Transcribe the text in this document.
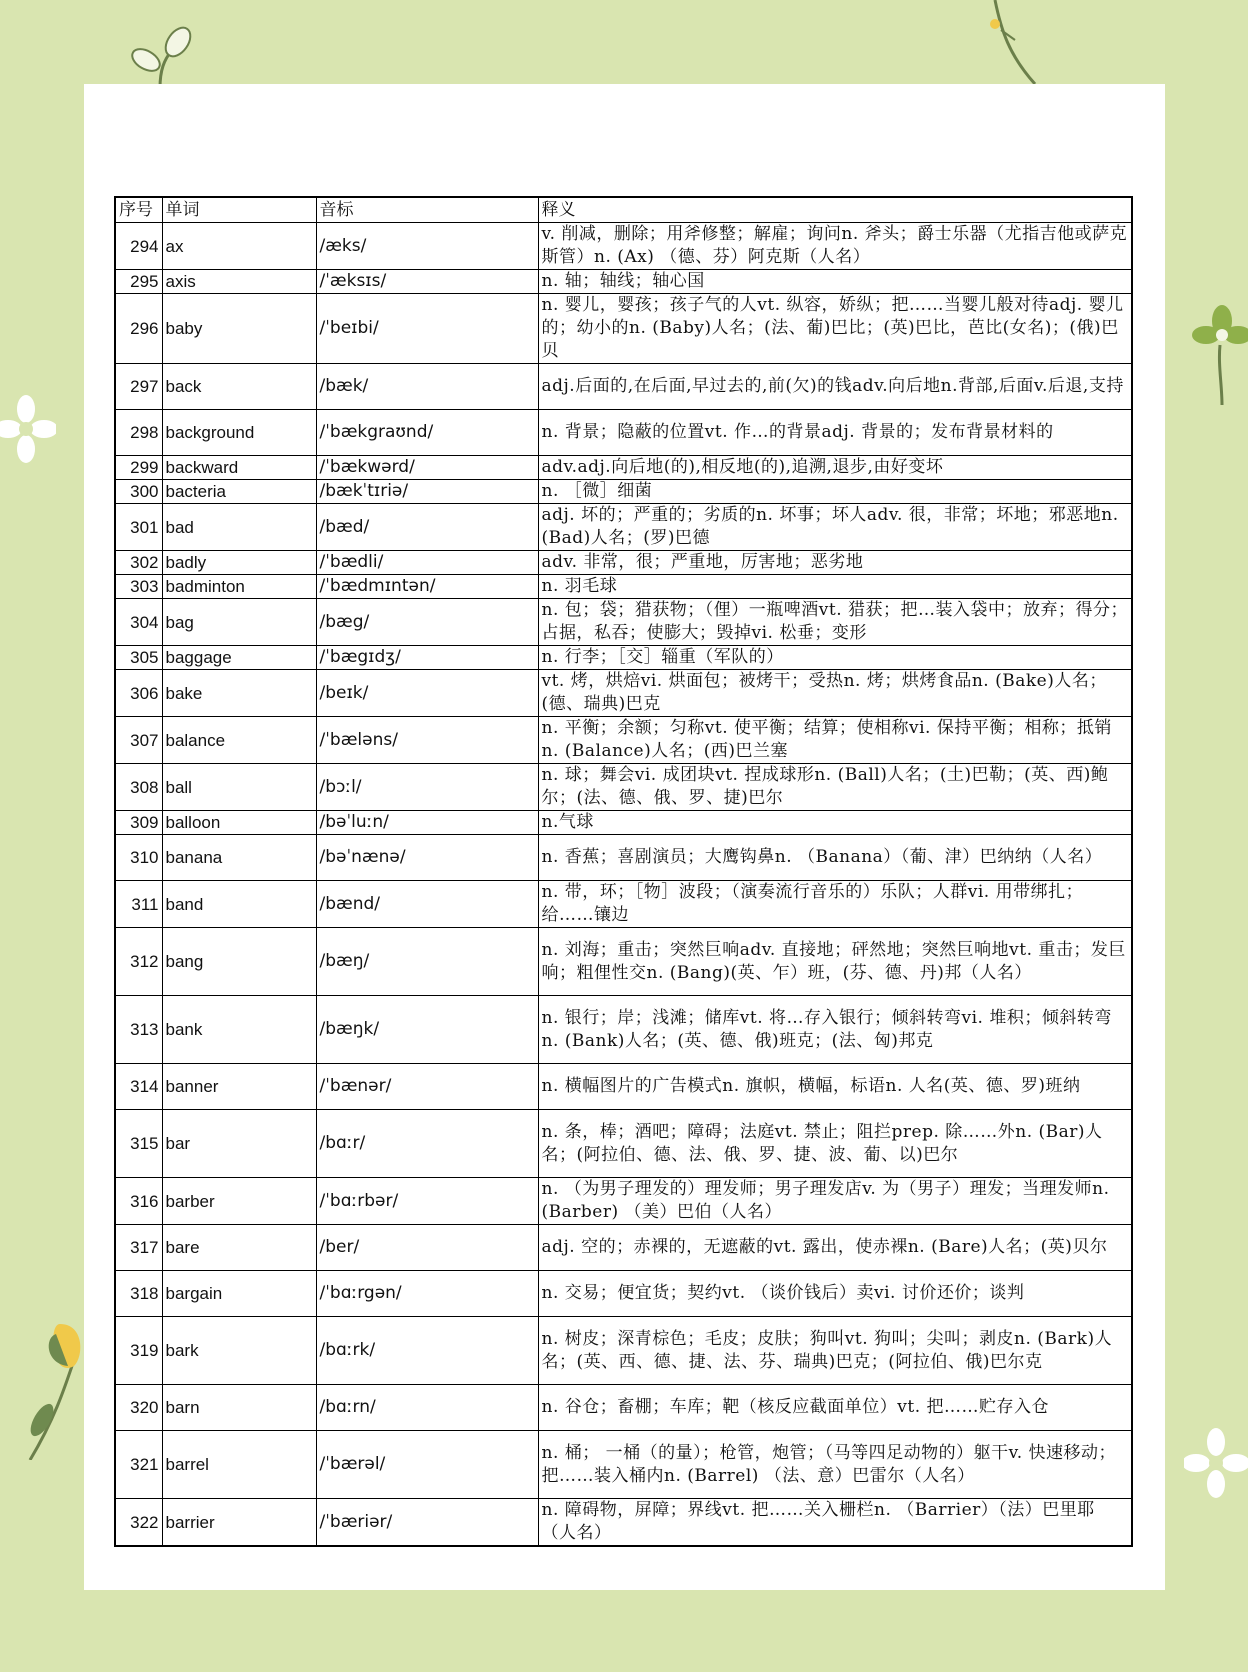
序号	单词	音标	释义
294	ax	/æks/	v. 削减，删除；用斧修整；解雇；询问n. 斧头；爵士乐器（尤指吉他或萨克斯管）n. (Ax) （德、芬）阿克斯（人名）
295	axis	/ˈæksɪs/	n. 轴；轴线；轴心国
296	baby	/ˈbeɪbi/	n. 婴儿，婴孩；孩子气的人vt. 纵容，娇纵；把……当婴儿般对待adj. 婴儿的；幼小的n. (Baby)人名；(法、葡)巴比；(英)巴比，芭比(女名)；(俄)巴贝
297	back	/bæk/	adj.后面的,在后面,早过去的,前(欠)的钱adv.向后地n.背部,后面v.后退,支持
298	background	/ˈbækgraʊnd/	n. 背景；隐蔽的位置vt. 作…的背景adj. 背景的；发布背景材料的
299	backward	/ˈbækwərd/	adv.adj.向后地(的),相反地(的),追溯,退步,由好变坏
300	bacteria	/bækˈtɪriə/	n. ［微］细菌
301	bad	/bæd/	adj. 坏的；严重的；劣质的n. 坏事；坏人adv. 很，非常；坏地；邪恶地n. (Bad)人名；(罗)巴德
302	badly	/ˈbædli/	adv. 非常，很；严重地，厉害地；恶劣地
303	badminton	/ˈbædmɪntən/	n. 羽毛球
304	bag	/bæg/	n. 包；袋；猎获物；（俚）一瓶啤酒vt. 猎获；把…装入袋中；放弃；得分；占据，私吞；使膨大；毁掉vi. 松垂；变形
305	baggage	/ˈbægɪdʒ/	n. 行李；［交］辎重（军队的）
306	bake	/beɪk/	vt. 烤，烘焙vi. 烘面包；被烤干；受热n. 烤；烘烤食品n. (Bake)人名；(德、瑞典)巴克
307	balance	/ˈbæləns/	n. 平衡；余额；匀称vt. 使平衡；结算；使相称vi. 保持平衡；相称；抵销n. (Balance)人名；(西)巴兰塞
308	ball	/bɔːl/	n. 球；舞会vi. 成团块vt. 捏成球形n. (Ball)人名；(土)巴勒；(英、西)鲍尔；(法、德、俄、罗、捷)巴尔
309	balloon	/bəˈluːn/	n.气球
310	banana	/bəˈnænə/	n. 香蕉；喜剧演员；大鹰钩鼻n. （Banana）（葡、津）巴纳纳（人名）
311	band	/bænd/	n. 带，环；［物］波段；（演奏流行音乐的）乐队；人群vi. 用带绑扎；给……镶边
312	bang	/bæŋ/	n. 刘海；重击；突然巨响adv. 直接地；砰然地；突然巨响地vt. 重击；发巨响；粗俚性交n. (Bang)(英、乍）班，(芬、德、丹)邦（人名）
313	bank	/bæŋk/	n. 银行；岸；浅滩；储库vt. 将…存入银行；倾斜转弯vi. 堆积；倾斜转弯n. (Bank)人名；(英、德、俄)班克；(法、匈)邦克
314	banner	/ˈbænər/	n. 横幅图片的广告模式n. 旗帜，横幅，标语n. 人名(英、德、罗)班纳
315	bar	/bɑːr/	n. 条，棒；酒吧；障碍；法庭vt. 禁止；阻拦prep. 除……外n. (Bar)人名；(阿拉伯、德、法、俄、罗、捷、波、葡、以)巴尔
316	barber	/ˈbɑːrbər/	n. （为男子理发的）理发师；男子理发店v. 为（男子）理发；当理发师n. (Barber) （美）巴伯（人名）
317	bare	/ber/	adj. 空的；赤裸的，无遮蔽的vt. 露出，使赤裸n. (Bare)人名；(英)贝尔
318	bargain	/ˈbɑːrgən/	n. 交易；便宜货；契约vt. （谈价钱后）卖vi. 讨价还价；谈判
319	bark	/bɑːrk/	n. 树皮；深青棕色；毛皮；皮肤；狗叫vt. 狗叫；尖叫；剥皮n. (Bark)人名；(英、西、德、捷、法、芬、瑞典)巴克；(阿拉伯、俄)巴尔克
320	barn	/bɑːrn/	n. 谷仓；畜棚；车库；靶（核反应截面单位）vt. 把……贮存入仓
321	barrel	/ˈbærəl/	n. 桶； 一桶（的量）；枪管，炮管；（马等四足动物的）躯干v. 快速移动；把……装入桶内n. (Barrel) （法、意）巴雷尔（人名）
322	barrier	/ˈbæriər/	n. 障碍物，屏障；界线vt. 把……关入栅栏n. （Barrier）（法）巴里耶（人名）
